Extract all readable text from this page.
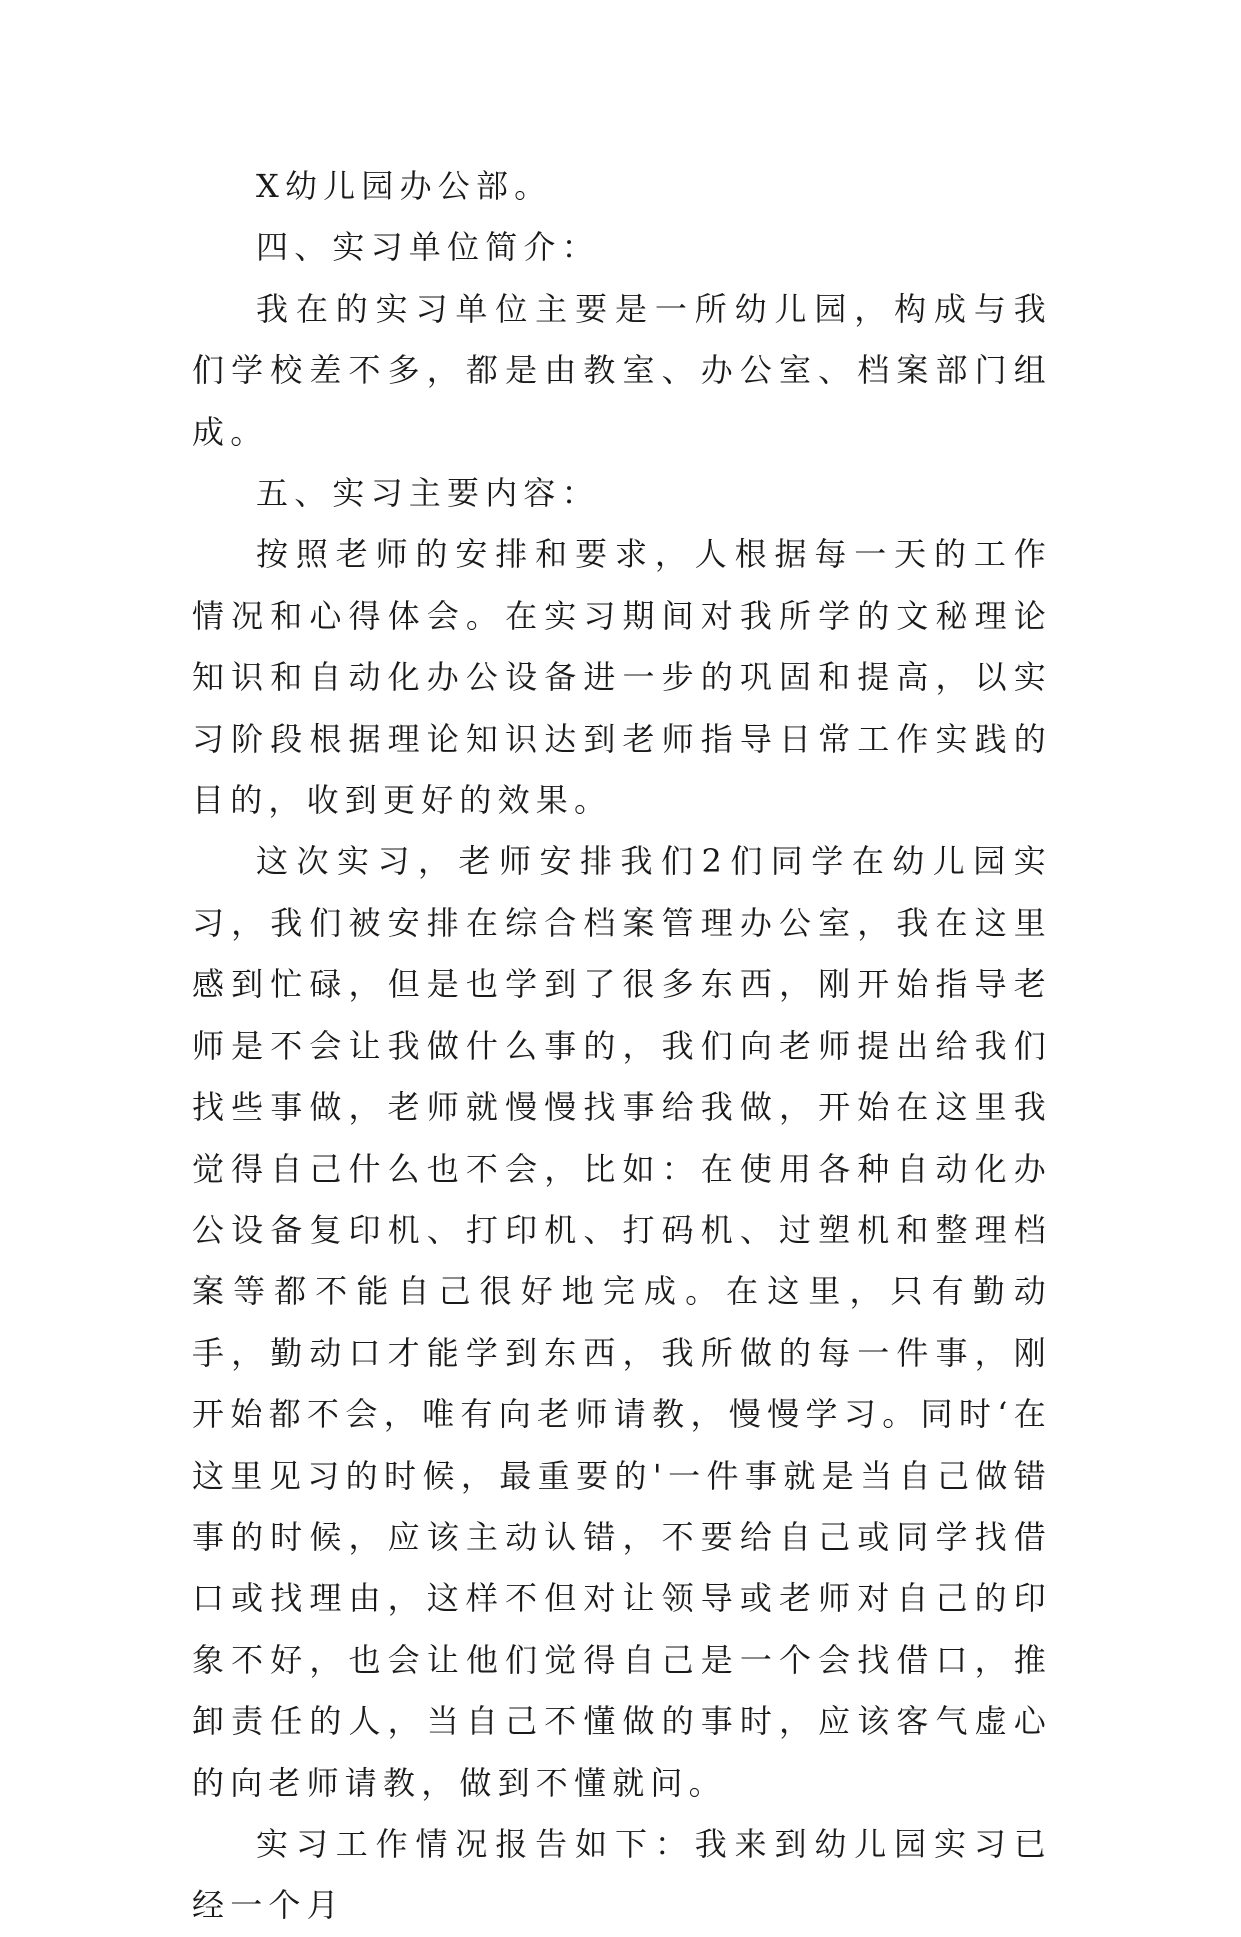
X幼儿园办公部。

四、实习单位简介：

我在的实习单位主要是一所幼儿园，构成与我们学校差不多，都是由教室、办公室、档案部门组成。

五、实习主要内容：

按照老师的安排和要求，人根据每一天的工作情况和心得体会。在实习期间对我所学的文秘理论知识和自动化办公设备进一步的巩固和提高，以实习阶段根据理论知识达到老师指导日常工作实践的目的，收到更好的效果。

这次实习，老师安排我们2们同学在幼儿园实习，我们被安排在综合档案管理办公室，我在这里感到忙碌，但是也学到了很多东西，刚开始指导老师是不会让我做什么事的，我们向老师提出给我们找些事做，老师就慢慢找事给我做，开始在这里我觉得自己什么也不会，比如：在使用各种自动化办公设备复印机、打印机、打码机、过塑机和整理档案等都不能自己很好地完成。在这里，只有勤动手，勤动口才能学到东西，我所做的每一件事，刚开始都不会，唯有向老师请教，慢慢学习。同时‘在这里见习的时候，最重要的'一件事就是当自己做错事的时候，应该主动认错，不要给自己或同学找借口或找理由，这样不但对让领导或老师对自己的印象不好，也会让他们觉得自己是一个会找借口，推卸责任的人，当自己不懂做的事时，应该客气虚心的向老师请教，做到不懂就问。

实习工作情况报告如下：我来到幼儿园实习已经一个月
